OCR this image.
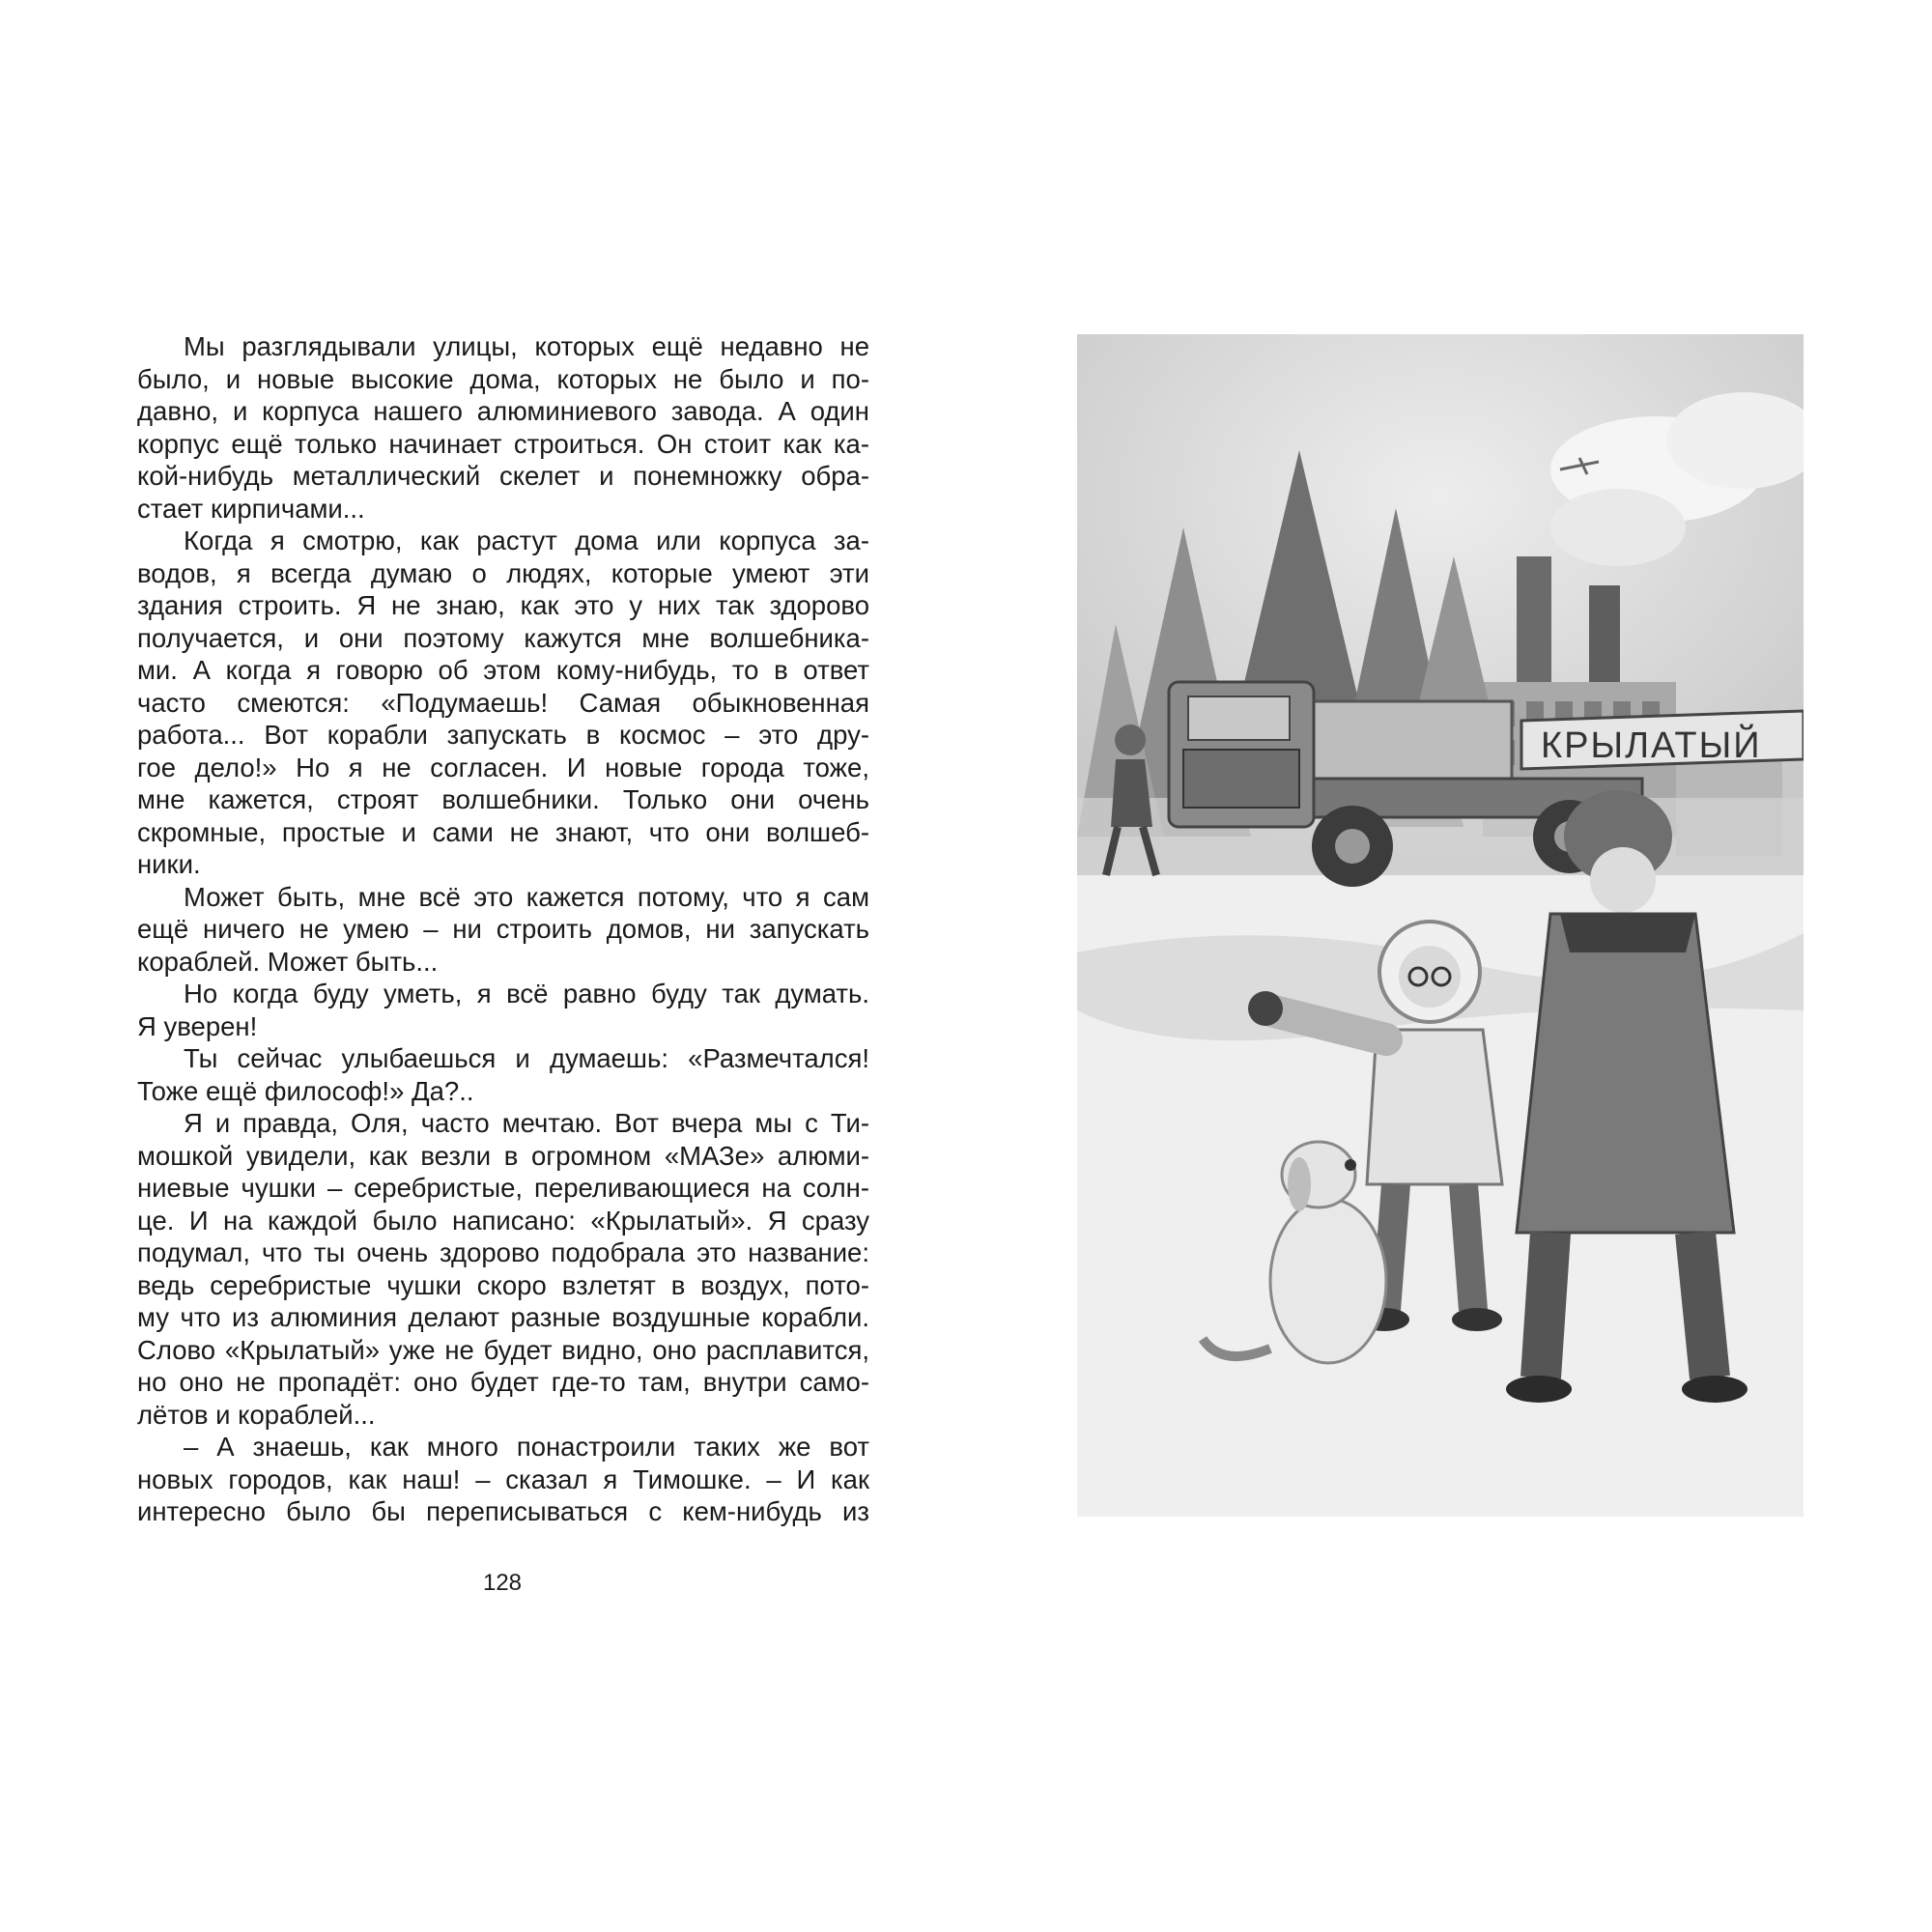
Мы разглядывали улицы, которых ещё недавно не
было, и новые высокие дома, которых не было и по-
давно, и корпуса нашего алюминиевого завода. А один
корпус ещё только начинает строиться. Он стоит как ка-
кой-нибудь металлический скелет и понемножку обра-
стает кирпичами...
Когда я смотрю, как растут дома или корпуса за-
водов, я всегда думаю о людях, которые умеют эти
здания строить. Я не знаю, как это у них так здорово
получается, и они поэтому кажутся мне волшебника-
ми. А когда я говорю об этом кому-нибудь, то в ответ
часто смеются: «Подумаешь! Самая обыкновенная
работа... Вот корабли запускать в космос – это дру-
гое дело!» Но я не согласен. И новые города тоже,
мне кажется, строят волшебники. Только они очень
скромные, простые и сами не знают, что они волшеб-
ники.
Может быть, мне всё это кажется потому, что я сам
ещё ничего не умею – ни строить домов, ни запускать
кораблей. Может быть...
Но когда буду уметь, я всё равно буду так думать.
Я уверен!
Ты сейчас улыбаешься и думаешь: «Размечтался!
Тоже ещё философ!» Да?..
Я и правда, Оля, часто мечтаю. Вот вчера мы с Ти-
мошкой увидели, как везли в огромном «МАЗе» алюми-
ниевые чушки – серебристые, переливающиеся на солн-
це. И на каждой было написано: «Крылатый». Я сразу
подумал, что ты очень здорово подобрала это название:
ведь серебристые чушки скоро взлетят в воздух, пото-
му что из алюминия делают разные воздушные корабли.
Слово «Крылатый» уже не будет видно, оно расплавится,
но оно не пропадёт: оно будет где-то там, внутри само-
лётов и кораблей...
– А знаешь, как много понастроили таких же вот
новых городов, как наш! – сказал я Тимошке. – И как
интересно было бы переписываться с кем-нибудь из
128
КРЫЛАТЫЙ
